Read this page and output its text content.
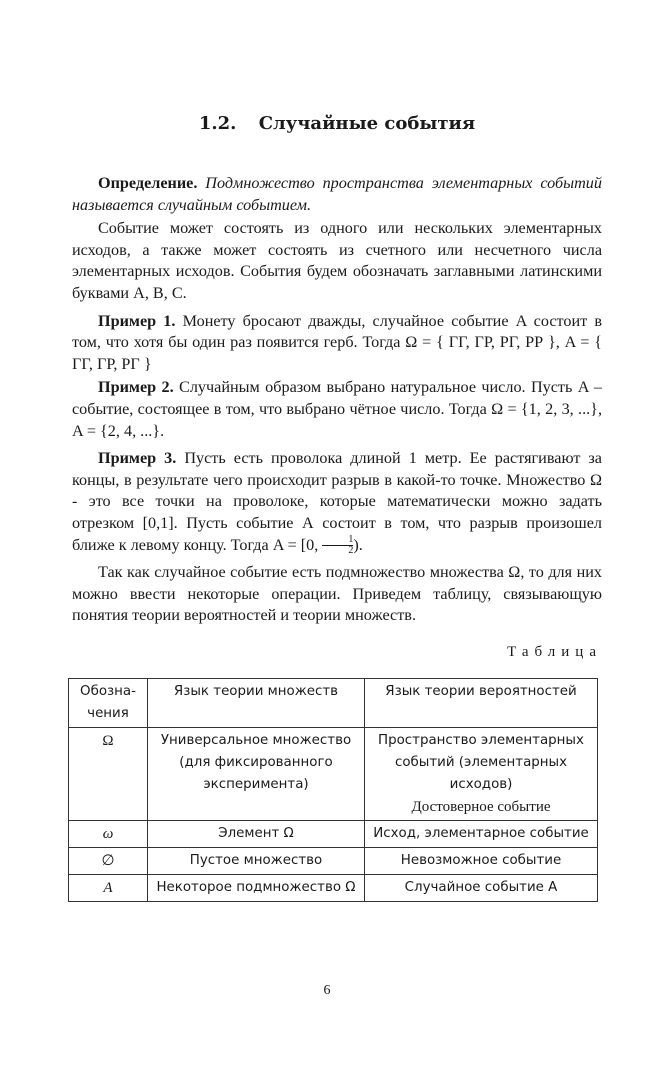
1.2. Случайные события

Определение. Подмножество пространства элементарных событий называется случайным событием.

Событие может состоять из одного или нескольких элементарных исходов, а также может состоять из счетного или несчетного числа элементарных исходов. События будем обозначать заглавными латинскими буквами A, B, C.

Пример 1. Монету бросают дважды, случайное событие A состоит в том, что хотя бы один раз появится герб. Тогда Ω = { ГГ, ГР, РГ, РР }, A = { ГГ, ГР, РГ }

Пример 2. Случайным образом выбрано натуральное число. Пусть A – событие, состоящее в том, что выбрано чётное число. Тогда Ω = {1, 2, 3, ...}, A = {2, 4, ...}.

Пример 3. Пусть есть проволока длиной 1 метр. Ее растягивают за концы, в результате чего происходит разрыв в какой-то точке. Множество Ω - это все точки на проволоке, которые математически можно задать отрезком [0,1]. Пусть событие А состоит в том, что разрыв произошел ближе к левому концу. Тогда A = [0, $\frac{1}{2}$ ).

Так как случайное событие есть подмножество множества Ω, то для них можно ввести некоторые операции. Приведем таблицу, связывающую понятия теории вероятностей и теории множеств.

Таблица
Обозна-чения	Язык теории множеств	Язык теории вероятностей
Ω	Универсальное множество (для фиксированного эксперимента)	Пространство элементарных событий (элементарных исходов)
Достоверное событие

ω	Элемент Ω	Исход, элементарное событие
∅	Пустое множество	Невозможное событие
A	Некоторое подмножество Ω	Случайное событие A
6
